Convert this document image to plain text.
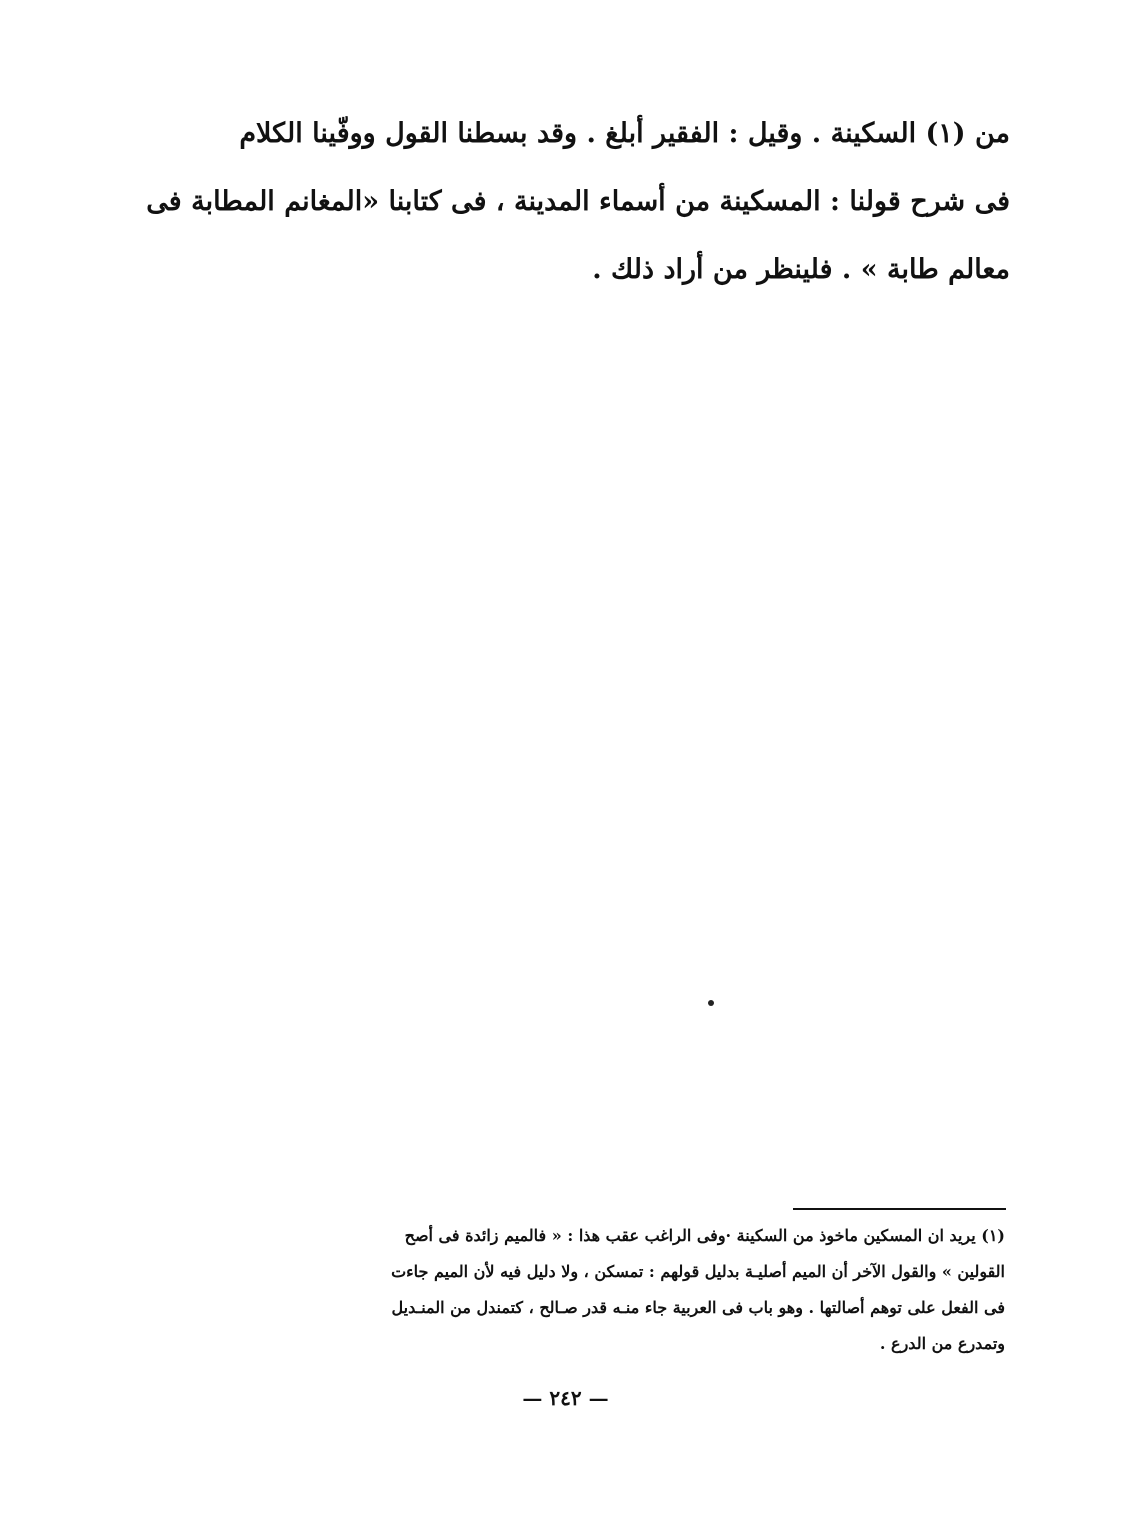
من (١) السكينة . وقيل : الفقير أبلغ . وقد بسطنا القول ووفّينا الكلام
فى شرح قولنا : المسكينة من أسماء المدينة ، فى كتابنا «المغانم المطابة فى
معالم طابة » . فلينظر من أراد ذلك .

(١) يريد ان المسكين ماخوذ من السكينة ·وفى الراغب عقب هذا : « فالميم زائدة فى أصح
القولين » والقول الآخر أن الميم أصليـة بدليل قولهم : تمسكن ، ولا دليل فيه لأن الميم جاءت
فى الفعل على توهم أصالتها . وهو باب فى العربية جاء منـه قدر صـالح ، كتمندل من المنـديل
وتمدرع من الدرع .

— ٢٤٢ —
